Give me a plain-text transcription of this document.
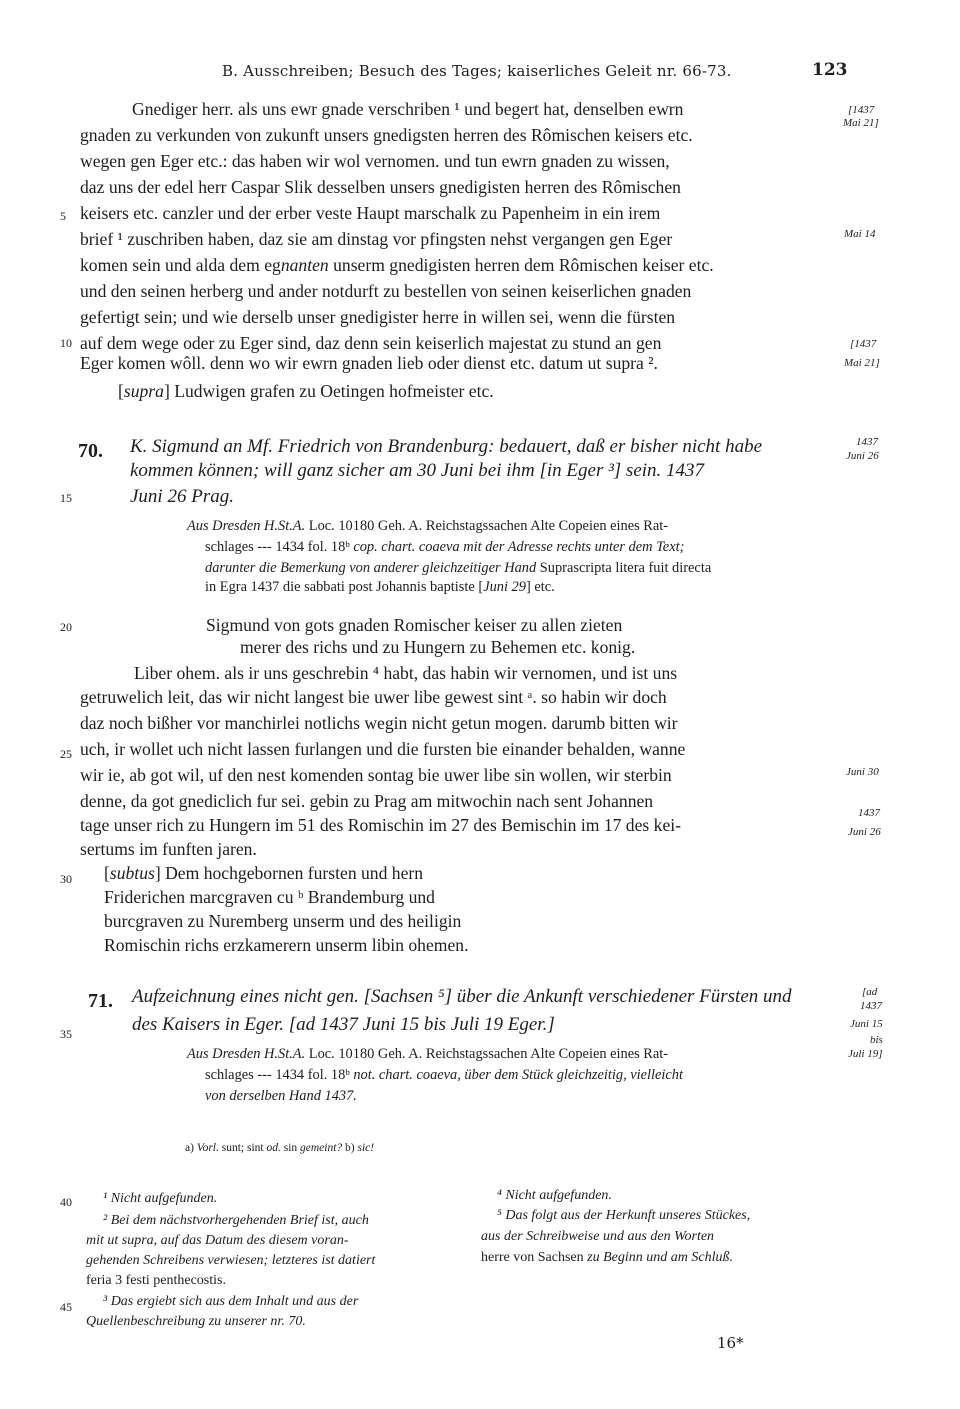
B. Ausschreiben; Besuch des Tages; kaiserliches Geleit nr. 66-73.	123
5
10
15
20
25
30
35
40
45
[1437
Mai 21]
Mai 14
[1437
Mai 21]
1437
Juni 26
Juni 30
1437
Juni 26
[ad
1437
Juni 15
bis
Juli 19]
Gnediger herr. als uns ewr gnade verschriben ¹ und begert hat, denselben ewrn
gnaden zu verkunden von zukunft unsers gnedigsten herren des Rômischen keisers etc.
wegen gen Eger etc.: das haben wir wol vernomen. und tun ewrn gnaden zu wissen,
daz uns der edel herr Caspar Slik desselben unsers gnedigisten herren des Rômischen
keisers etc. canzler und der erber veste Haupt marschalk zu Papenheim in ein irem
brief ¹ zuschriben haben, daz sie am dinstag vor pfingsten nehst vergangen gen Eger
komen sein und alda dem egnanten unserm gnedigisten herren dem Rômischen keiser etc.
und den seinen herberg und ander notdurft zu bestellen von seinen keiserlichen gnaden
gefertigt sein; und wie derselb unser gnedigister herre in willen sei, wenn die fürsten
auf dem wege oder zu Eger sind, daz denn sein keiserlich majestat zu stund an gen
Eger komen wôll. denn wo wir ewrn gnaden lieb oder dienst etc. datum ut supra ².
[supra] Ludwigen grafen zu Oetingen hofmeister etc.
70. K. Sigmund an Mf. Friedrich von Brandenburg: bedauert, daß er bisher nicht habe
kommen können; will ganz sicher am 30 Juni bei ihm [in Eger ³] sein. 1437
Juni 26 Prag.
Aus Dresden H.St.A. Loc. 10180 Geh. A. Reichstagssachen Alte Copeien eines Rat-
schlages --- 1434 fol. 18ᵇ cop. chart. coaeva mit der Adresse rechts unter dem Text;
darunter die Bemerkung von anderer gleichzeitiger Hand Suprascripta litera fuit directa
in Egra 1437 die sabbati post Johannis baptiste [Juni 29] etc.
Sigmund von gots gnaden Romischer keiser zu allen zieten
merer des richs und zu Hungern zu Behemen etc. konig.
Liber ohem. als ir uns geschrebin ⁴ habt, das habin wir vernomen, und ist uns
getruwelich leit, das wir nicht langest bie uwer libe gewest sint ᵃ. so habin wir doch
daz noch bißher vor manchirlei notlichs wegin nicht getun mogen. darumb bitten wir
uch, ir wollet uch nicht lassen furlangen und die fursten bie einander behalden, wanne
wir ie, ab got wil, uf den nest komenden sontag bie uwer libe sin wollen, wir sterbin
denne, da got gnediclich fur sei. gebin zu Prag am mitwochin nach sent Johannen
tage unser rich zu Hungern im 51 des Romischin im 27 des Bemischin im 17 des kei-
sertums im funften jaren.
[subtus] Dem hochgebornen fursten und hern
Friderichen marcgraven cu ᵇ Brandemburg und
burcgraven zu Nuremberg unserm und des heiligin
Romischin richs erzkamerern unserm libin ohemen.
71. Aufzeichnung eines nicht gen. [Sachsen ⁵] über die Ankunft verschiedener Fürsten und
des Kaisers in Eger. [ad 1437 Juni 15 bis Juli 19 Eger.]
Aus Dresden H.St.A. Loc. 10180 Geh. A. Reichstagssachen Alte Copeien eines Rat-
schlages --- 1434 fol. 18ᵇ not. chart. coaeva, über dem Stück gleichzeitig, vielleicht
von derselben Hand 1437.
a) Vorl. sunt; sint od. sin gemeint? b) sic!
¹ Nicht aufgefunden.
² Bei dem nächstvorhergehenden Brief ist, auch
mit ut supra, auf das Datum des diesem voran-
gehenden Schreibens verwiesen; letzteres ist datiert
feria 3 festi penthecostis.
³ Das ergiebt sich aus dem Inhalt und aus der
Quellenbeschreibung zu unserer nr. 70.
⁴ Nicht aufgefunden.
⁵ Das folgt aus der Herkunft unseres Stückes,
aus der Schreibweise und aus den Worten
herre von Sachsen zu Beginn und am Schluß.
16*
